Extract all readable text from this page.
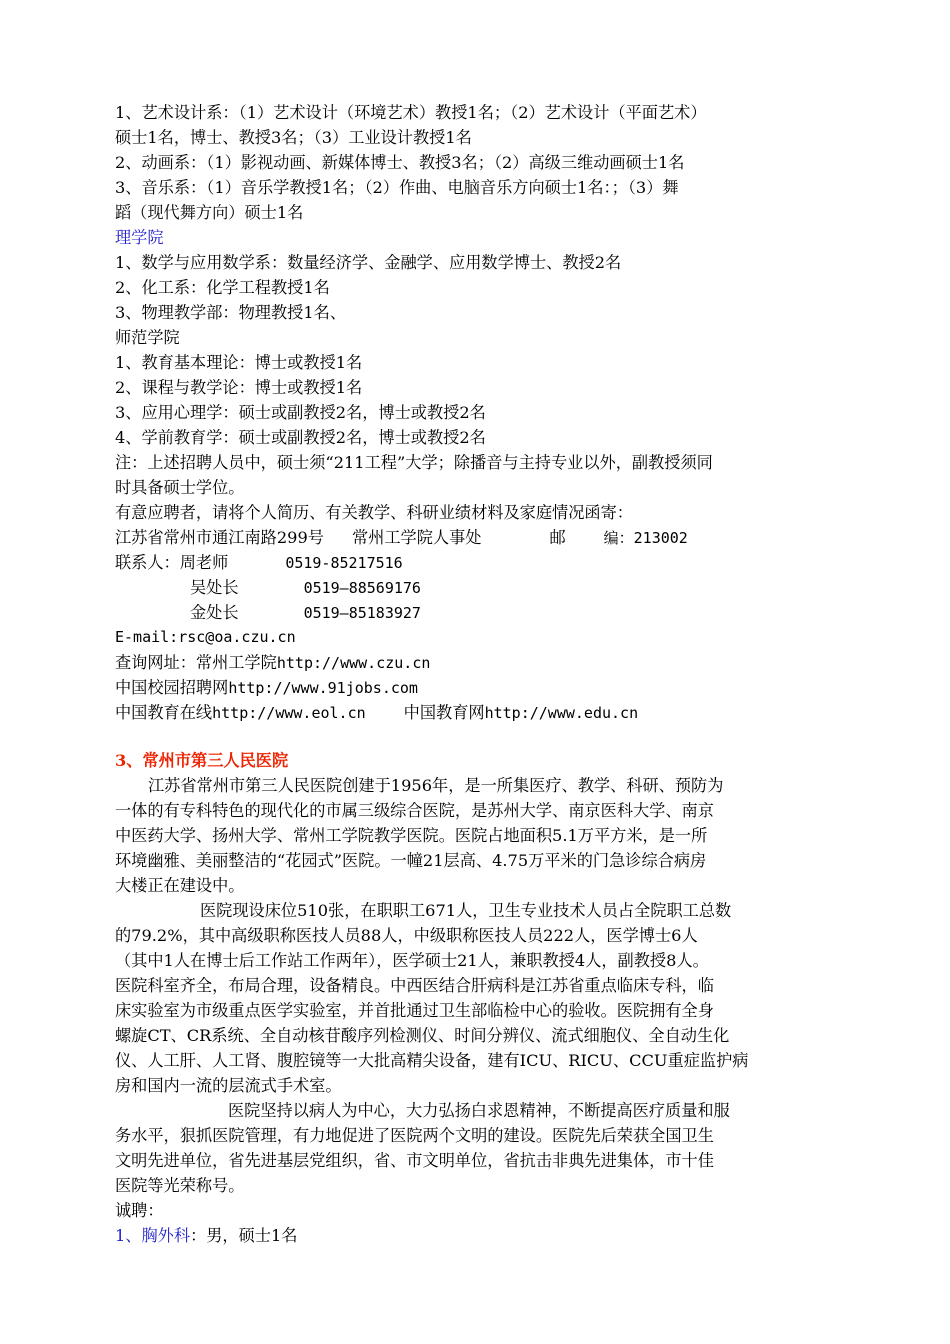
1、艺术设计系：（1）艺术设计（环境艺术）教授1名；（2）艺术设计（平面艺术）
硕士1名，博士、教授3名；（3）工业设计教授1名
2、动画系：（1）影视动画、新媒体博士、教授3名；（2）高级三维动画硕士1名
3、音乐系：（1）音乐学教授1名；（2）作曲、电脑音乐方向硕士1名：；（3）舞
蹈（现代舞方向）硕士1名
理学院
1、数学与应用数学系：数量经济学、金融学、应用数学博士、教授2名
2、化工系：化学工程教授1名
3、物理教学部：物理教授1名、
师范学院
1、教育基本理论：博士或教授1名
2、课程与教学论：博士或教授1名
3、应用心理学：硕士或副教授2名，博士或教授2名
4、学前教育学：硕士或副教授2名，博士或教授2名
注：上述招聘人员中，硕士须“211工程”大学；除播音与主持专业以外，副教授须同
时具备硕士学位。
有意应聘者，请将个人简历、有关教学、科研业绩材料及家庭情况函寄：
江苏省常州市通江南路299号 常州工学院人事处	邮	编：213002
联系人：周老师	0519-85217516
吴处长	0519—88569176
金处长	0519—85183927
E-mail:rsc@oa.czu.cn
查询网址：常州工学院http://www.czu.cn
中国校园招聘网http://www.91jobs.com
中国教育在线http://www.eol.cn 中国教育网http://www.edu.cn
3、常州市第三人民医院
江苏省常州市第三人民医院创建于1956年，是一所集医疗、教学、科研、预防为
一体的有专科特色的现代化的市属三级综合医院，是苏州大学、南京医科大学、南京
中医药大学、扬州大学、常州工学院教学医院。医院占地面积5.1万平方米，是一所
环境幽雅、美丽整洁的“花园式”医院。一幢21层高、4.75万平米的门急诊综合病房
大楼正在建设中。
医院现设床位510张，在职职工671人，卫生专业技术人员占全院职工总数
的79.2%，其中高级职称医技人员88人，中级职称医技人员222人，医学博士6人
（其中1人在博士后工作站工作两年），医学硕士21人，兼职教授4人，副教授8人。
医院科室齐全，布局合理，设备精良。中西医结合肝病科是江苏省重点临床专科，临
床实验室为市级重点医学实验室，并首批通过卫生部临检中心的验收。医院拥有全身
螺旋CT、CR系统、全自动核苷酸序列检测仪、时间分辨仪、流式细胞仪、全自动生化
仪、人工肝、人工肾、腹腔镜等一大批高精尖设备，建有ICU、RICU、CCU重症监护病
房和国内一流的层流式手术室。
医院坚持以病人为中心，大力弘扬白求恩精神，不断提高医疗质量和服
务水平，狠抓医院管理，有力地促进了医院两个文明的建设。医院先后荣获全国卫生
文明先进单位，省先进基层党组织，省、市文明单位，省抗击非典先进集体，市十佳
医院等光荣称号。
诚聘：
1、胸外科：男，硕士1名
